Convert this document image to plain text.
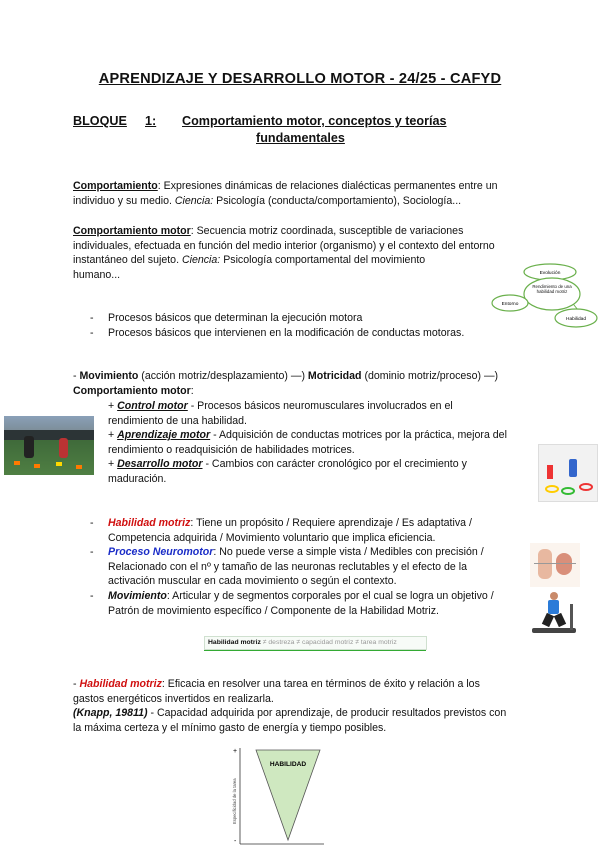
APRENDIZAJE Y DESARROLLO MOTOR - 24/25 - CAFYD
BLOQUE 1: Comportamiento motor, conceptos y teorías
fundamentales
Comportamiento: Expresiones dinámicas de relaciones dialécticas permanentes entre un
individuo y su medio. Ciencia: Psicología (conducta/comportamiento), Sociología...
Comportamiento motor: Secuencia motriz coordinada, susceptible de variaciones
individuales, efectuada en función del medio interior (organismo) y el contexto del entorno
instantáneo del sujeto. Ciencia: Psicología comportamental del movimiento
humano...	Evolución
Rendimiento de una habilidad motriz
Entorno
Habilidad
- Procesos básicos que determinan la ejecución motora
- Procesos básicos que intervienen en la modificación de conductas motoras.
- Movimiento (acción motriz/desplazamiento) —) Motricidad (dominio motriz/proceso) —)
Comportamiento motor:
+ Control motor - Procesos básicos neuromusculares involucrados en el
rendimiento de una habilidad.
+ Aprendizaje motor - Adquisición de conductas motrices por la práctica, mejora del
rendimiento o readquisición de habilidades motrices.
+ Desarrollo motor - Cambios con carácter cronológico por el crecimiento y
maduración.
- Habilidad motriz: Tiene un propósito / Requiere aprendizaje / Es adaptativa /
Competencia adquirida / Movimiento voluntario que implica eficiencia.
- Proceso Neuromotor: No puede verse a simple vista / Medibles con precisión /
Relacionado con el nº y tamaño de las neuronas reclutables y el efecto de la
activación muscular en cada movimiento o según el contexto.
- Movimiento: Articular y de segmentos corporales por el cual se logra un objetivo /
Patrón de movimiento específico / Componente de la Habilidad Motriz.
Habilidad motriz ≠ destreza ≠ capacidad motriz ≠ tarea motriz
- Habilidad motriz: Eficacia en resolver una tarea en términos de éxito y relación a los
gastos energéticos invertidos en realizarla.
(Knapp, 19811) - Capacidad adquirida por aprendizaje, de producir resultados previstos con
la máxima certeza y el mínimo gasto de energía y tiempo posibles.
+
-
HABILIDAD
Especificidad de la tarea
